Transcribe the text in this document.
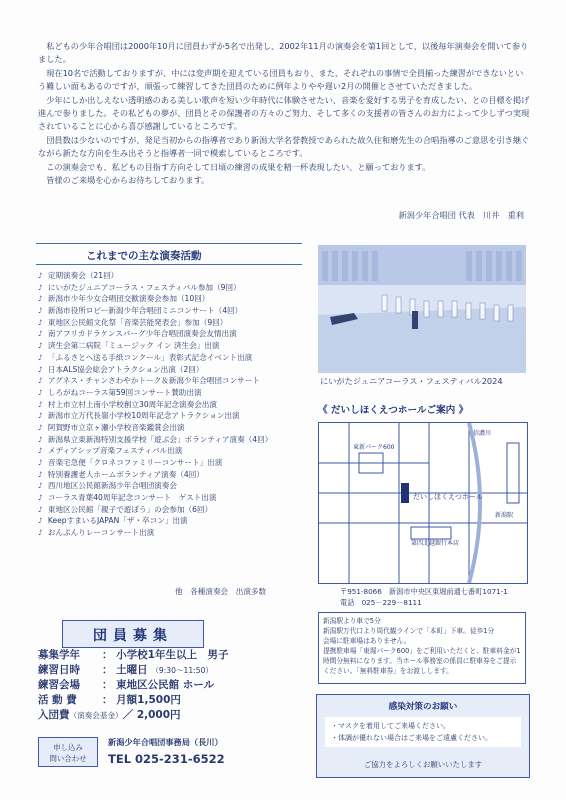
私どもの少年合唱団は2000年10月に団員わずか5名で出発し、2002年11月の演奏会を第1回として、以後毎年演奏会を開いて参りました。

現在10名で活動しておりますが、中には変声期を迎えている団員もおり、また、それぞれの事情で全員揃った練習ができないという難しい面もあるのですが、頑張って練習してきた団員のために例年よりやや遅い2月の開催とさせていただきました。

少年にしか出しえない透明感のある美しい歌声を短い少年時代に体験させたい、音楽を愛好する男子を育成したい、との目標を掲げ進んで参りました。その私どもの夢が、団員とその保護者の方々のご努力、そして多くの支援者の皆さんのお力によって少しずつ実現されていることに心から喜び感謝しているところです。

団員数は少ないのですが、発足当初からの指導者であり新潟大学名誉教授であられた故久住和磨先生の合唱指導のご意思を引き継ぐながら新たな方向を生み出そうと指導者一同で模索しているところです。

この演奏会でも、私どもの目指す方向そして日頃の練習の成果を精一杯表現したい、と願っております。

皆様のご来場を心からお待ちしております。

新潟少年合唱団 代表　川井　重利
これまでの主な演奏活動
♪ 定期演奏会（21回）
♪ にいがたジュニアコーラス・フェスティバル参加（9回）
♪ 新潟市少年少女合唱団交歓演奏会参加（10回）
♪ 新潟市役所ロビー新潟少年合唱団ミニコンサート（4回）
♪ 東地区公民館文化祭「音楽芸能発表会」参加（9回）
♪ 南アフリカドラケンスバーグ少年合唱団演奏会友情出演
♪ 済生会第二病院「ミュージック イン 済生会」出演
♪ 「ふるさとへ送る手紙コンクール」表彰式記念イベント出演
♪ 日本ALS協会総会アトラクション出演（2回）
♪ アグネス・チャンさわやかトーク＆新潟少年合唱団コンサート
♪ しろがねコーラス第59回コンサート賛助出演
♪ 村上市立村上南小学校創立30周年記念演奏会出演
♪ 新潟市立万代長嶺小学校10周年記念アトラクション出演
♪ 阿賀野市立京ヶ瀬小学校音楽鑑賞会出演
♪ 新潟県立東新潟特別支援学校「遊ぶ会」ボランティア演奏（4回）
♪ メディアシップ音楽フェスティバル出演
♪ 音楽宅急便「クロネコファミリーコンサート」出演
♪ 特別養護老人ホームボランティア演奏（4回）
♪ 西川地区公民館新潟少年合唱団演奏会
♪ コーラス青葉40周年記念コンサート　ゲスト出演
♪ 東地区公民館「親子で遊ぼう」の会参加（6回）
♪ KeepすまいるJAPAN「ザ・卒コン」出演
♪ おんぷんりレーコンサート出演
他　各種演奏会　出演多数
にいがたジュニアコーラス・フェスティバル2024
《 だいしほくえつホールご案内 》
だいしほくえつホール
東新パーク600
第四北越銀行本店
新潟駅
信濃川
〒951-8066　新潟市中央区東堀前通七番町1071-1
電話　025－229－8111
新潟駅より車で5分
新潟駅万代口より周代観ラインで「本町」下車。徒歩1分
会場に駐車場はありません。
提携駐車場「東堀パーク600」をご利用いただくと、駐車料金が1時間分無料になります。当ホール事務室の係員に駐車券をご提示ください。「無料駐車券」をお渡しします。
団員募集
募集学年 ： 小学校1年生以上　男子
練習日時 ： 土曜日 （9:30～11:50）
練習会場 ： 東地区公民館 ホール
活 動 費 ： 月額1,500円
入団費（演奏会基金）／ 2,000円
申し込み
問い合わせ
新潟少年合唱団事務局（長川）
TEL 025-231-6522
感染対策のお願い
・マスクを着用してご来場ください。
・体調が優れない場合はご来場をご遠慮ください。
ご協力をよろしくお願いいたします
